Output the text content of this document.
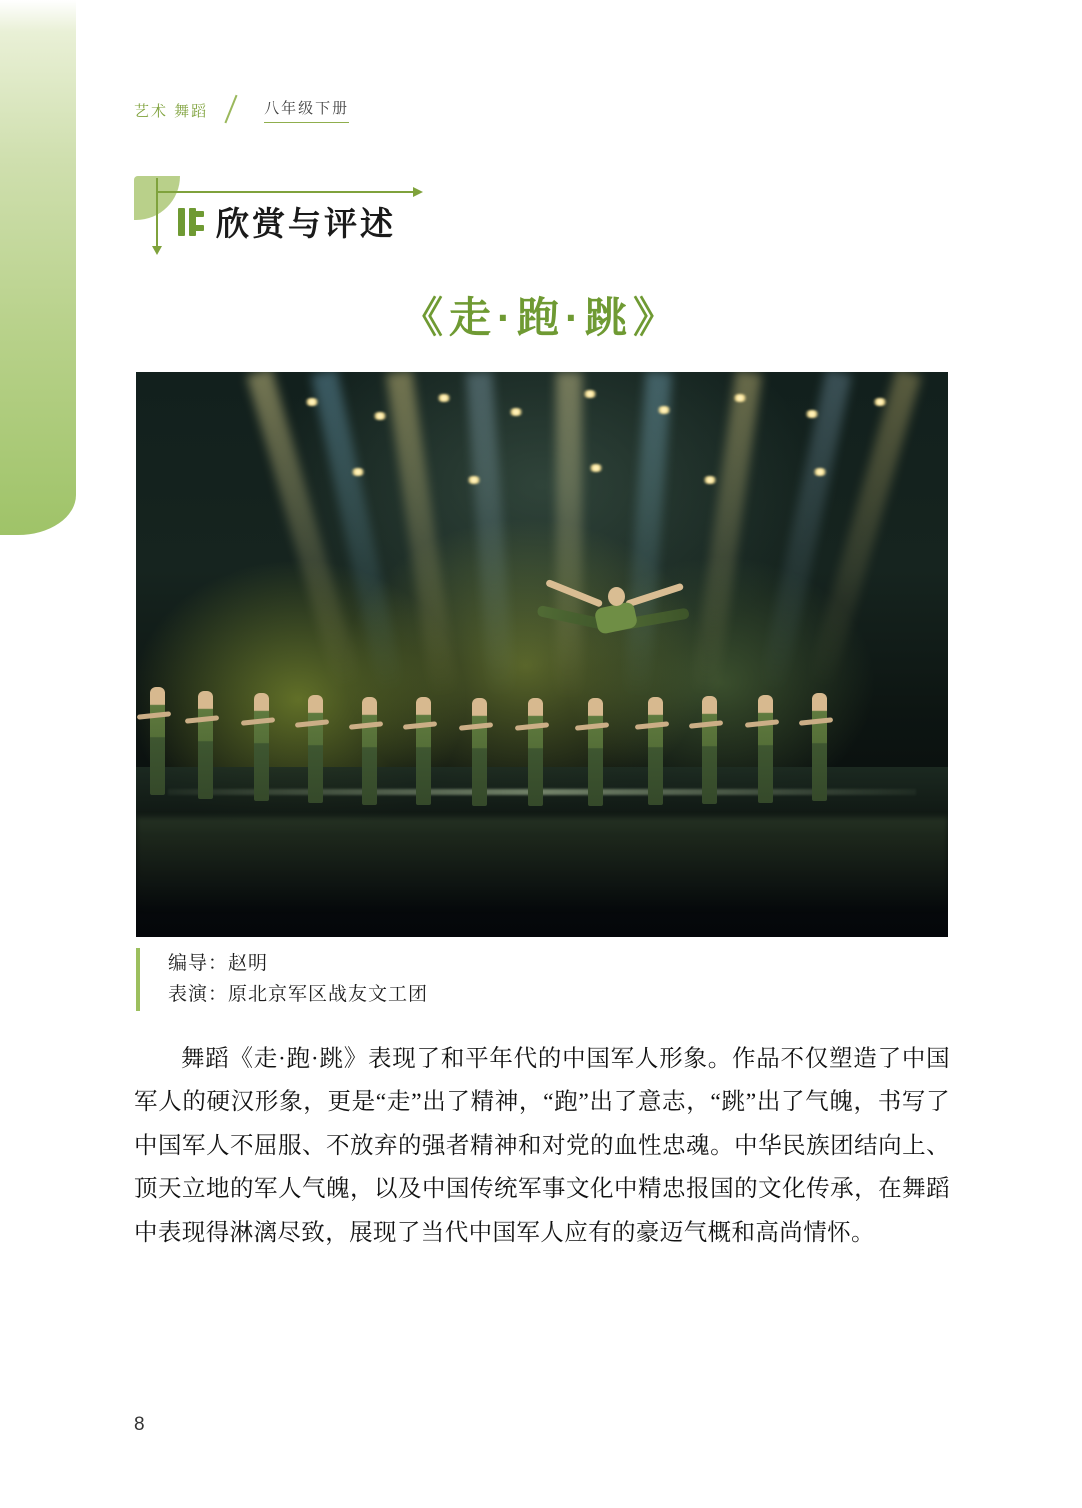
艺术 舞蹈	八年级下册
欣赏与评述
《走·跑·跳》
编导：赵明
表演：原北京军区战友文工团
舞蹈《走·跑·跳》表现了和平年代的中国军人形象。作品不仅塑造了中国军人的硬汉形象，更是“走”出了精神，“跑”出了意志，“跳”出了气魄，书写了中国军人不屈服、不放弃的强者精神和对党的血性忠魂。中华民族团结向上、顶天立地的军人气魄，以及中国传统军事文化中精忠报国的文化传承，在舞蹈中表现得淋漓尽致，展现了当代中国军人应有的豪迈气概和高尚情怀。
8
